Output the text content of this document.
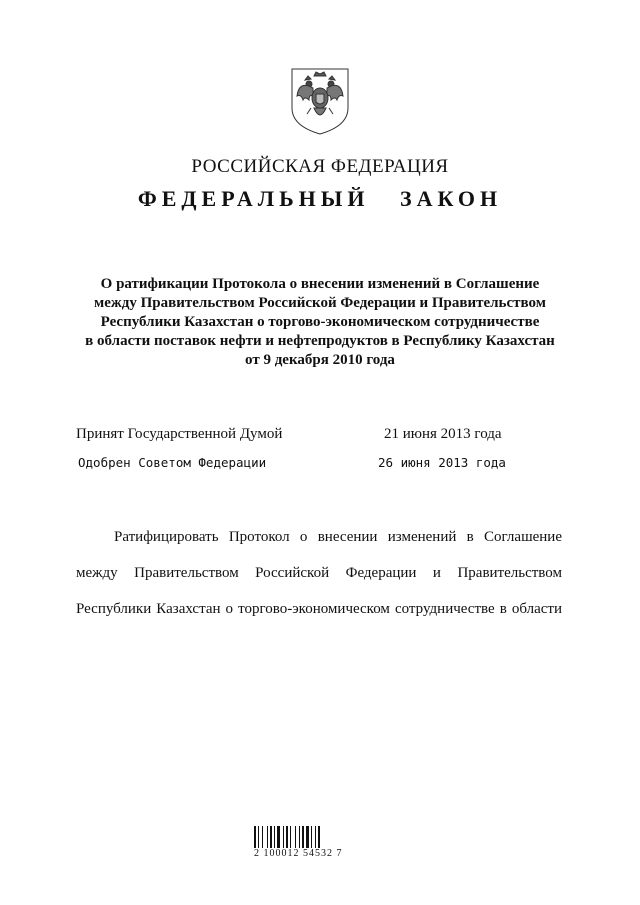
РОССИЙСКАЯ ФЕДЕРАЦИЯ
ФЕДЕРАЛЬНЫЙ ЗАКОН
О ратификации Протокола о внесении изменений в Соглашение
между Правительством Российской Федерации и Правительством
Республики Казахстан о торгово-экономическом сотрудничестве
в области поставок нефти и нефтепродуктов в Республику Казахстан
от 9 декабря 2010 года
Принят Государственной Думой	21 июня 2013 года
Одобрен Советом Федерации	26 июня 2013 года
Ратифицировать Протокол о внесении изменений в Соглашение
между Правительством Российской Федерации и Правительством
Республики Казахстан о торгово-экономическом сотрудничестве в области
2 100012 54532 7
